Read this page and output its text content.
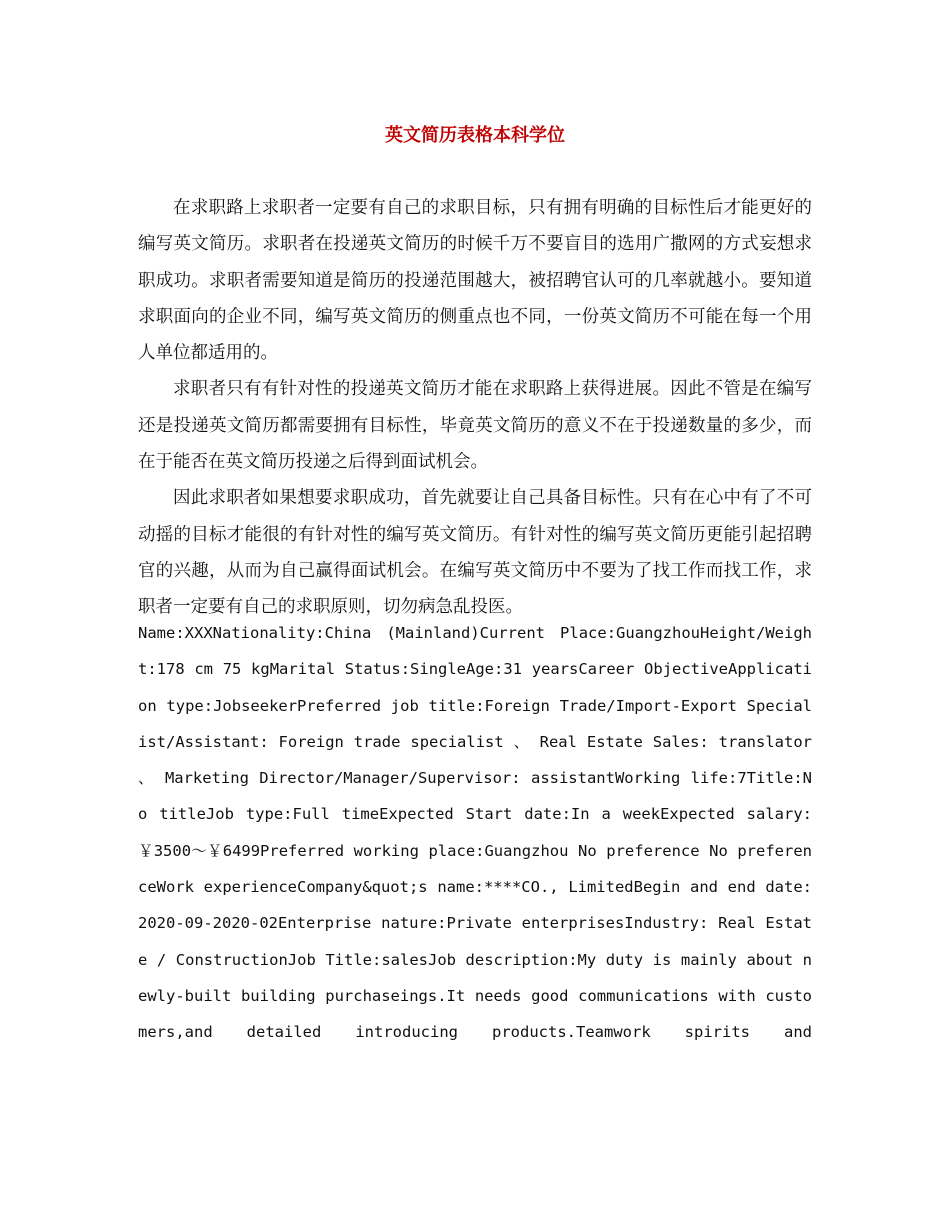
英文简历表格本科学位

在求职路上求职者一定要有自己的求职目标，只有拥有明确的目标性后才能更好的编写英文简历。求职者在投递英文简历的时候千万不要盲目的选用广撒网的方式妄想求职成功。求职者需要知道是简历的投递范围越大，被招聘官认可的几率就越小。要知道求职面向的企业不同，编写英文简历的侧重点也不同，一份英文简历不可能在每一个用人单位都适用的。

求职者只有有针对性的投递英文简历才能在求职路上获得进展。因此不管是在编写还是投递英文简历都需要拥有目标性，毕竟英文简历的意义不在于投递数量的多少，而在于能否在英文简历投递之后得到面试机会。

因此求职者如果想要求职成功，首先就要让自己具备目标性。只有在心中有了不可动摇的目标才能很的有针对性的编写英文简历。有针对性的编写英文简历更能引起招聘官的兴趣，从而为自己赢得面试机会。在编写英文简历中不要为了找工作而找工作，求职者一定要有自己的求职原则，切勿病急乱投医。

Name:XXXNationality:China (Mainland)Current Place:GuangzhouHeight/Weight:178 cm 75 kgMarital Status:SingleAge:31 yearsCareer ObjectiveApplication type:JobseekerPreferred job title:Foreign Trade/Import-Export Specialist/Assistant: Foreign trade specialist 、 Real Estate Sales: translator 、 Marketing Director/Manager/Supervisor: assistantWorking life:7Title:No titleJob type:Full timeExpected Start date:In a weekExpected salary:￥3500～￥6499Preferred working place:Guangzhou No preference No preferenceWork experienceCompany&quot;s name:****CO., LimitedBegin and end date: 2020-09-2020-02Enterprise nature:Private enterprisesIndustry: Real Estate / ConstructionJob Title:salesJob description:My duty is mainly about newly-built building purchaseings.It needs good communications with customers,and detailed introducing products.Teamwork spirits and
